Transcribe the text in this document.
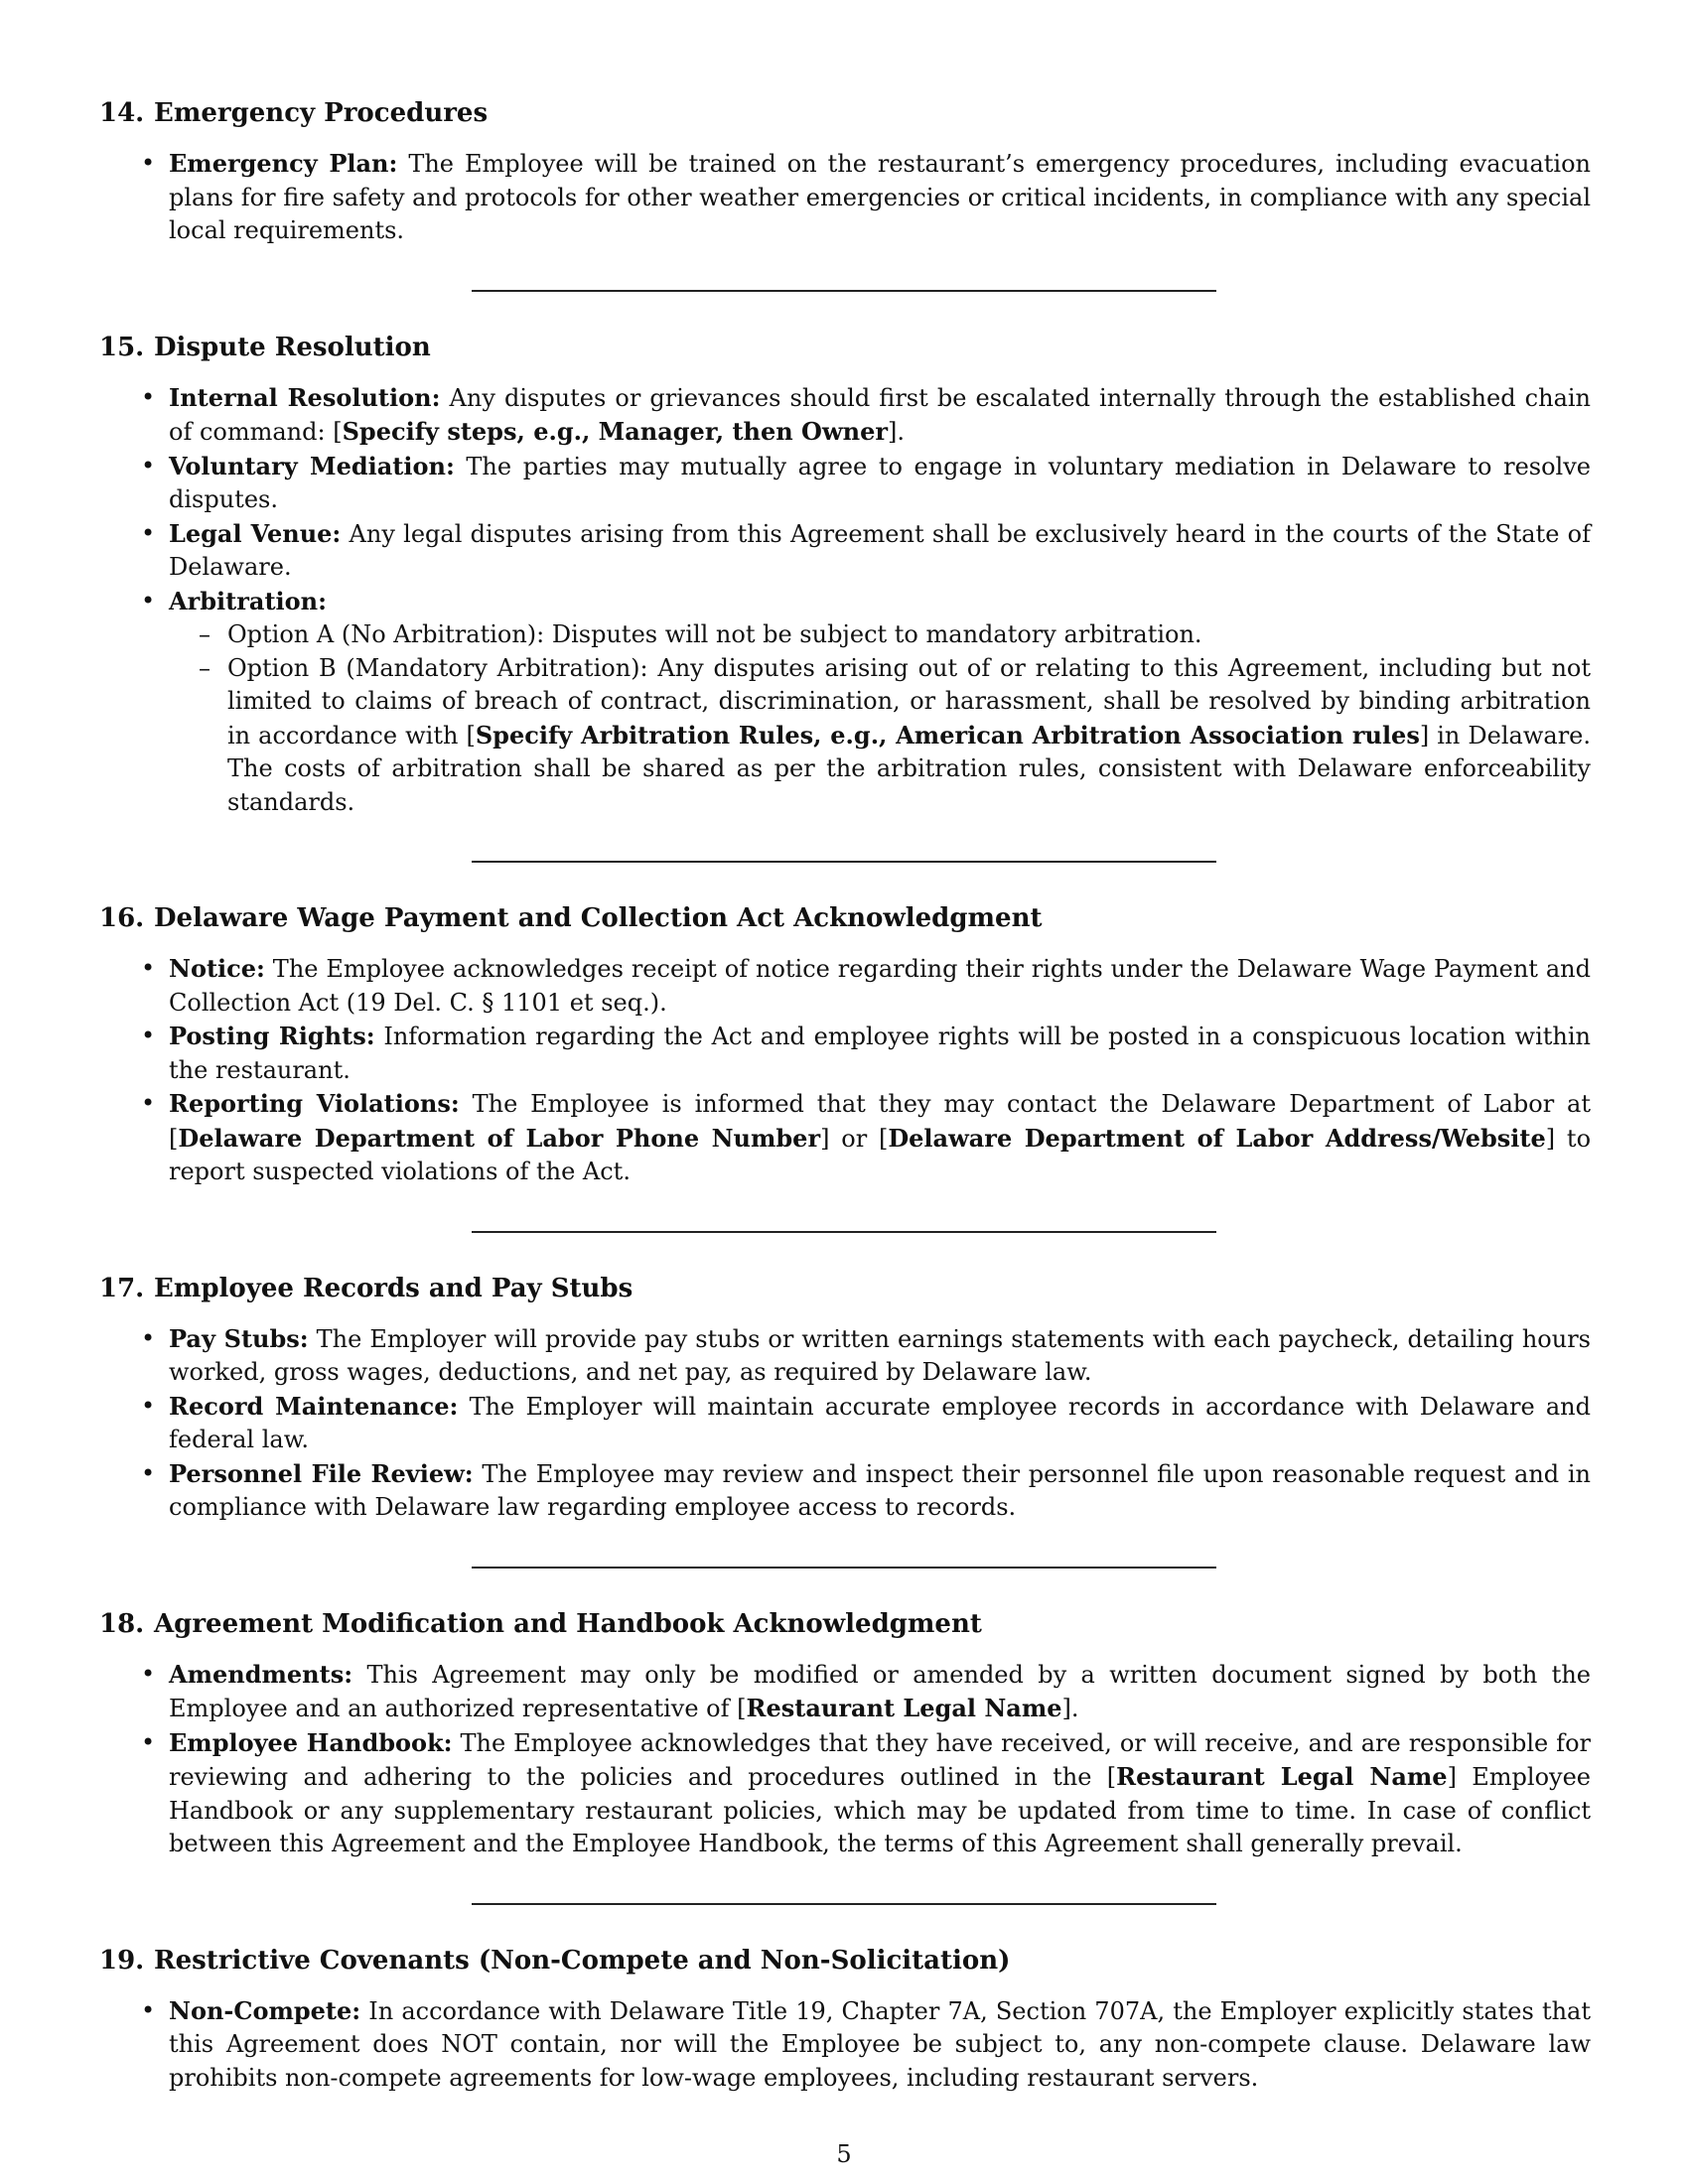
14. Emergency Procedures
• Emergency Plan: The Employee will be trained on the restaurant’s emergency procedures, including evacuation plans for fire safety and protocols for other weather emergencies or critical incidents, in compliance with any special local requirements.
15. Dispute Resolution
• Internal Resolution: Any disputes or grievances should first be escalated internally through the established chain of command: [Specify steps, e.g., Manager, then Owner].
• Voluntary Mediation: The parties may mutually agree to engage in voluntary mediation in Delaware to resolve disputes.
• Legal Venue: Any legal disputes arising from this Agreement shall be exclusively heard in the courts of the State of Delaware.
• Arbitration:
– Option A (No Arbitration): Disputes will not be subject to mandatory arbitration.
– Option B (Mandatory Arbitration): Any disputes arising out of or relating to this Agreement, including but not limited to claims of breach of contract, discrimination, or harassment, shall be resolved by binding arbitration in accordance with [Specify Arbitration Rules, e.g., American Arbitration Association rules] in Delaware. The costs of arbitration shall be shared as per the arbitration rules, consistent with Delaware enforceability standards.
16. Delaware Wage Payment and Collection Act Acknowledgment
• Notice: The Employee acknowledges receipt of notice regarding their rights under the Delaware Wage Payment and Collection Act (19 Del. C. § 1101 et seq.).
• Posting Rights: Information regarding the Act and employee rights will be posted in a conspicuous location within the restaurant.
• Reporting Violations: The Employee is informed that they may contact the Delaware Department of Labor at [Delaware Department of Labor Phone Number] or [Delaware Department of Labor Address/Website] to report suspected violations of the Act.
17. Employee Records and Pay Stubs
• Pay Stubs: The Employer will provide pay stubs or written earnings statements with each paycheck, detailing hours worked, gross wages, deductions, and net pay, as required by Delaware law.
• Record Maintenance: The Employer will maintain accurate employee records in accordance with Delaware and federal law.
• Personnel File Review: The Employee may review and inspect their personnel file upon reasonable request and in compliance with Delaware law regarding employee access to records.
18. Agreement Modification and Handbook Acknowledgment
• Amendments: This Agreement may only be modified or amended by a written document signed by both the Employee and an authorized representative of [Restaurant Legal Name].
• Employee Handbook: The Employee acknowledges that they have received, or will receive, and are responsible for reviewing and adhering to the policies and procedures outlined in the [Restaurant Legal Name] Employee Handbook or any supplementary restaurant policies, which may be updated from time to time. In case of conflict between this Agreement and the Employee Handbook, the terms of this Agreement shall generally prevail.
19. Restrictive Covenants (Non-Compete and Non-Solicitation)
• Non-Compete: In accordance with Delaware Title 19, Chapter 7A, Section 707A, the Employer explicitly states that this Agreement does NOT contain, nor will the Employee be subject to, any non-compete clause. Delaware law prohibits non-compete agreements for low-wage employees, including restaurant servers.
5
